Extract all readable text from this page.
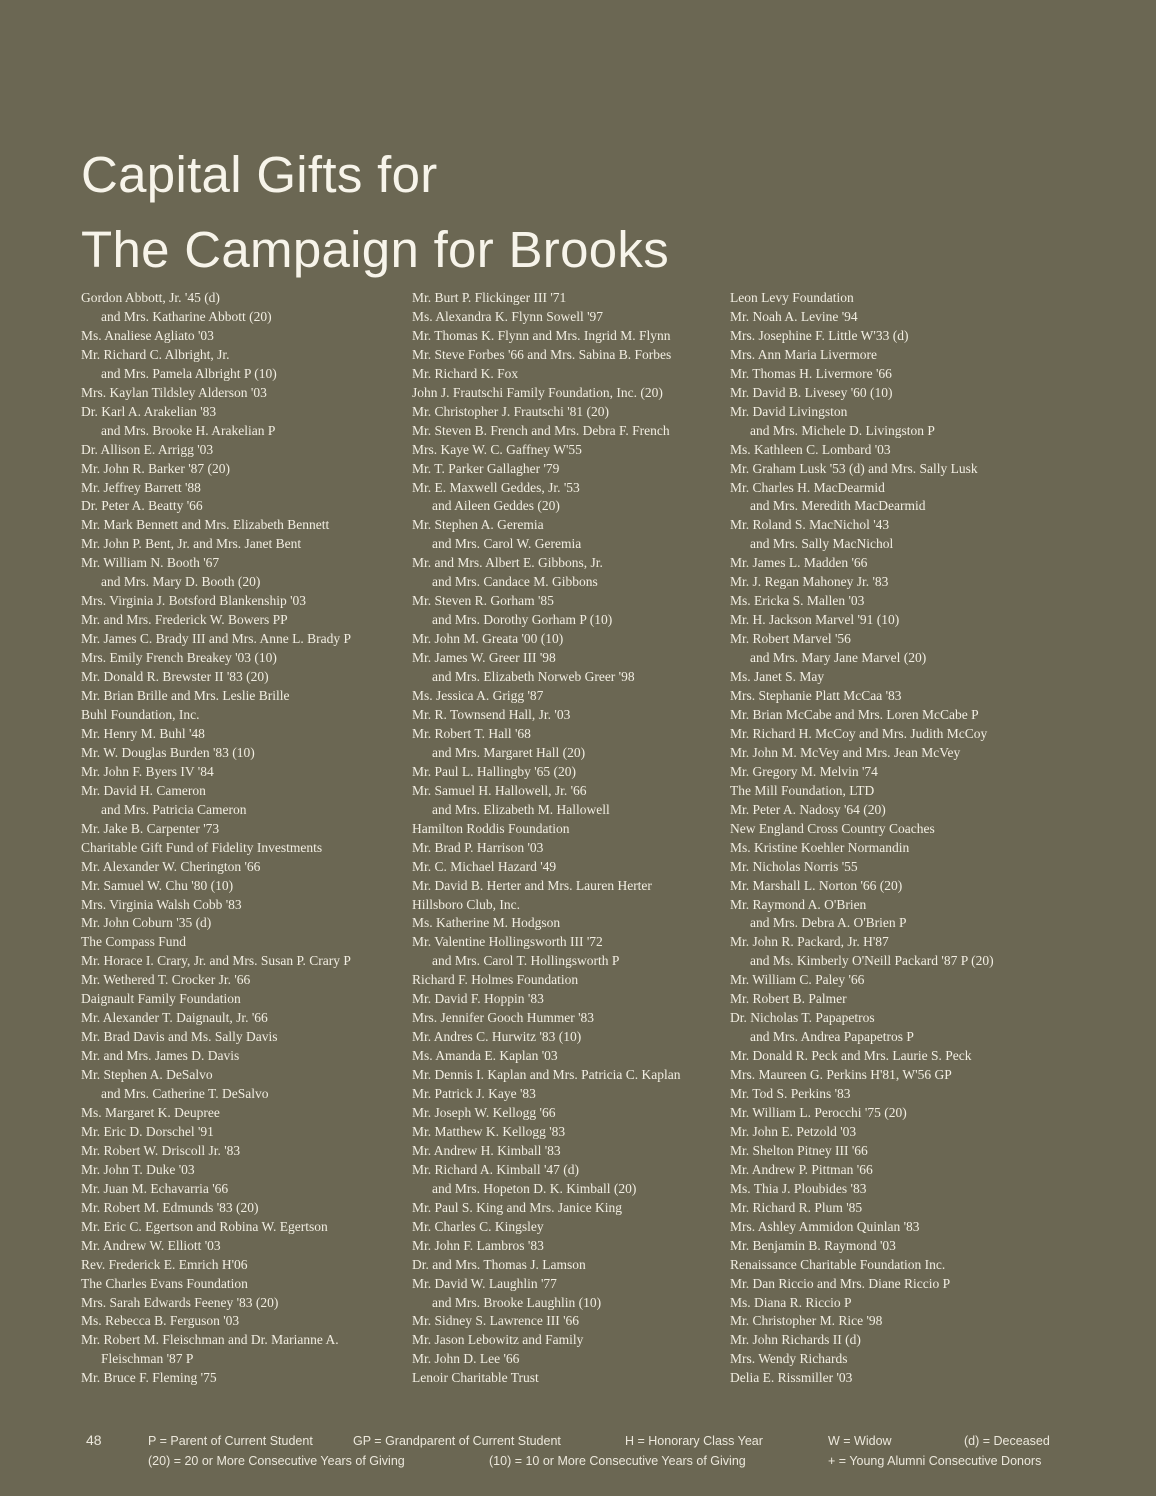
Capital Gifts for
The Campaign for Brooks
Gordon Abbott, Jr. '45 (d)
and Mrs. Katharine Abbott (20)
Ms. Analiese Agliato '03
Mr. Richard C. Albright, Jr.
and Mrs. Pamela Albright P (10)
Mrs. Kaylan Tildsley Alderson '03
Dr. Karl A. Arakelian '83
and Mrs. Brooke H. Arakelian P
Dr. Allison E. Arrigg '03
Mr. John R. Barker '87 (20)
Mr. Jeffrey Barrett '88
Dr. Peter A. Beatty '66
Mr. Mark Bennett and Mrs. Elizabeth Bennett
Mr. John P. Bent, Jr. and Mrs. Janet Bent
Mr. William N. Booth '67
and Mrs. Mary D. Booth (20)
Mrs. Virginia J. Botsford Blankenship '03
Mr. and Mrs. Frederick W. Bowers PP
Mr. James C. Brady III and Mrs. Anne L. Brady P
Mrs. Emily French Breakey '03 (10)
Mr. Donald R. Brewster II '83 (20)
Mr. Brian Brille and Mrs. Leslie Brille
Buhl Foundation, Inc.
Mr. Henry M. Buhl '48
Mr. W. Douglas Burden '83 (10)
Mr. John F. Byers IV '84
Mr. David H. Cameron
and Mrs. Patricia Cameron
Mr. Jake B. Carpenter '73
Charitable Gift Fund of Fidelity Investments
Mr. Alexander W. Cherington '66
Mr. Samuel W. Chu '80 (10)
Mrs. Virginia Walsh Cobb '83
Mr. John Coburn '35 (d)
The Compass Fund
Mr. Horace I. Crary, Jr. and Mrs. Susan P. Crary P
Mr. Wethered T. Crocker Jr. '66
Daignault Family Foundation
Mr. Alexander T. Daignault, Jr. '66
Mr. Brad Davis and Ms. Sally Davis
Mr. and Mrs. James D. Davis
Mr. Stephen A. DeSalvo
and Mrs. Catherine T. DeSalvo
Ms. Margaret K. Deupree
Mr. Eric D. Dorschel '91
Mr. Robert W. Driscoll Jr. '83
Mr. John T. Duke '03
Mr. Juan M. Echavarria '66
Mr. Robert M. Edmunds '83 (20)
Mr. Eric C. Egertson and Robina W. Egertson
Mr. Andrew W. Elliott '03
Rev. Frederick E. Emrich H'06
The Charles Evans Foundation
Mrs. Sarah Edwards Feeney '83 (20)
Ms. Rebecca B. Ferguson '03
Mr. Robert M. Fleischman and Dr. Marianne A.
Fleischman '87 P
Mr. Bruce F. Fleming '75
Mr. Burt P. Flickinger III '71
Ms. Alexandra K. Flynn Sowell '97
Mr. Thomas K. Flynn and Mrs. Ingrid M. Flynn
Mr. Steve Forbes '66 and Mrs. Sabina B. Forbes
Mr. Richard K. Fox
John J. Frautschi Family Foundation, Inc. (20)
Mr. Christopher J. Frautschi '81 (20)
Mr. Steven B. French and Mrs. Debra F. French
Mrs. Kaye W. C. Gaffney W'55
Mr. T. Parker Gallagher '79
Mr. E. Maxwell Geddes, Jr. '53
and Aileen Geddes (20)
Mr. Stephen A. Geremia
and Mrs. Carol W. Geremia
Mr. and Mrs. Albert E. Gibbons, Jr.
and Mrs. Candace M. Gibbons
Mr. Steven R. Gorham '85
and Mrs. Dorothy Gorham P (10)
Mr. John M. Greata '00 (10)
Mr. James W. Greer III '98
and Mrs. Elizabeth Norweb Greer '98
Ms. Jessica A. Grigg '87
Mr. R. Townsend Hall, Jr. '03
Mr. Robert T. Hall '68
and Mrs. Margaret Hall (20)
Mr. Paul L. Hallingby '65 (20)
Mr. Samuel H. Hallowell, Jr. '66
and Mrs. Elizabeth M. Hallowell
Hamilton Roddis Foundation
Mr. Brad P. Harrison '03
Mr. C. Michael Hazard '49
Mr. David B. Herter and Mrs. Lauren Herter
Hillsboro Club, Inc.
Ms. Katherine M. Hodgson
Mr. Valentine Hollingsworth III '72
and Mrs. Carol T. Hollingsworth P
Richard F. Holmes Foundation
Mr. David F. Hoppin '83
Mrs. Jennifer Gooch Hummer '83
Mr. Andres C. Hurwitz '83 (10)
Ms. Amanda E. Kaplan '03
Mr. Dennis I. Kaplan and Mrs. Patricia C. Kaplan
Mr. Patrick J. Kaye '83
Mr. Joseph W. Kellogg '66
Mr. Matthew K. Kellogg '83
Mr. Andrew H. Kimball '83
Mr. Richard A. Kimball '47 (d)
and Mrs. Hopeton D. K. Kimball (20)
Mr. Paul S. King and Mrs. Janice King
Mr. Charles C. Kingsley
Mr. John F. Lambros '83
Dr. and Mrs. Thomas J. Lamson
Mr. David W. Laughlin '77
and Mrs. Brooke Laughlin (10)
Mr. Sidney S. Lawrence III '66
Mr. Jason Lebowitz and Family
Mr. John D. Lee '66
Lenoir Charitable Trust
Leon Levy Foundation
Mr. Noah A. Levine '94
Mrs. Josephine F. Little W'33 (d)
Mrs. Ann Maria Livermore
Mr. Thomas H. Livermore '66
Mr. David B. Livesey '60 (10)
Mr. David Livingston
and Mrs. Michele D. Livingston P
Ms. Kathleen C. Lombard '03
Mr. Graham Lusk '53 (d) and Mrs. Sally Lusk
Mr. Charles H. MacDearmid
and Mrs. Meredith MacDearmid
Mr. Roland S. MacNichol '43
and Mrs. Sally MacNichol
Mr. James L. Madden '66
Mr. J. Regan Mahoney Jr. '83
Ms. Ericka S. Mallen '03
Mr. H. Jackson Marvel '91 (10)
Mr. Robert Marvel '56
and Mrs. Mary Jane Marvel (20)
Ms. Janet S. May
Mrs. Stephanie Platt McCaa '83
Mr. Brian McCabe and Mrs. Loren McCabe P
Mr. Richard H. McCoy and Mrs. Judith McCoy
Mr. John M. McVey and Mrs. Jean McVey
Mr. Gregory M. Melvin '74
The Mill Foundation, LTD
Mr. Peter A. Nadosy '64 (20)
New England Cross Country Coaches
Ms. Kristine Koehler Normandin
Mr. Nicholas Norris '55
Mr. Marshall L. Norton '66 (20)
Mr. Raymond A. O'Brien
and Mrs. Debra A. O'Brien P
Mr. John R. Packard, Jr. H'87
and Ms. Kimberly O'Neill Packard '87 P (20)
Mr. William C. Paley '66
Mr. Robert B. Palmer
Dr. Nicholas T. Papapetros
and Mrs. Andrea Papapetros P
Mr. Donald R. Peck and Mrs. Laurie S. Peck
Mrs. Maureen G. Perkins H'81, W'56 GP
Mr. Tod S. Perkins '83
Mr. William L. Perocchi '75 (20)
Mr. John E. Petzold '03
Mr. Shelton Pitney III '66
Mr. Andrew P. Pittman '66
Ms. Thia J. Ploubides '83
Mr. Richard R. Plum '85
Mrs. Ashley Ammidon Quinlan '83
Mr. Benjamin B. Raymond '03
Renaissance Charitable Foundation Inc.
Mr. Dan Riccio and Mrs. Diane Riccio P
Ms. Diana R. Riccio P
Mr. Christopher M. Rice '98
Mr. John Richards II (d)
Mrs. Wendy Richards
Delia E. Rissmiller '03
48	P = Parent of Current Student	GP = Grandparent of Current Student	H = Honorary Class Year	W = Widow	(d) = Deceased
(20) = 20 or More Consecutive Years of Giving	(10) = 10 or More Consecutive Years of Giving	+ = Young Alumni Consecutive Donors
